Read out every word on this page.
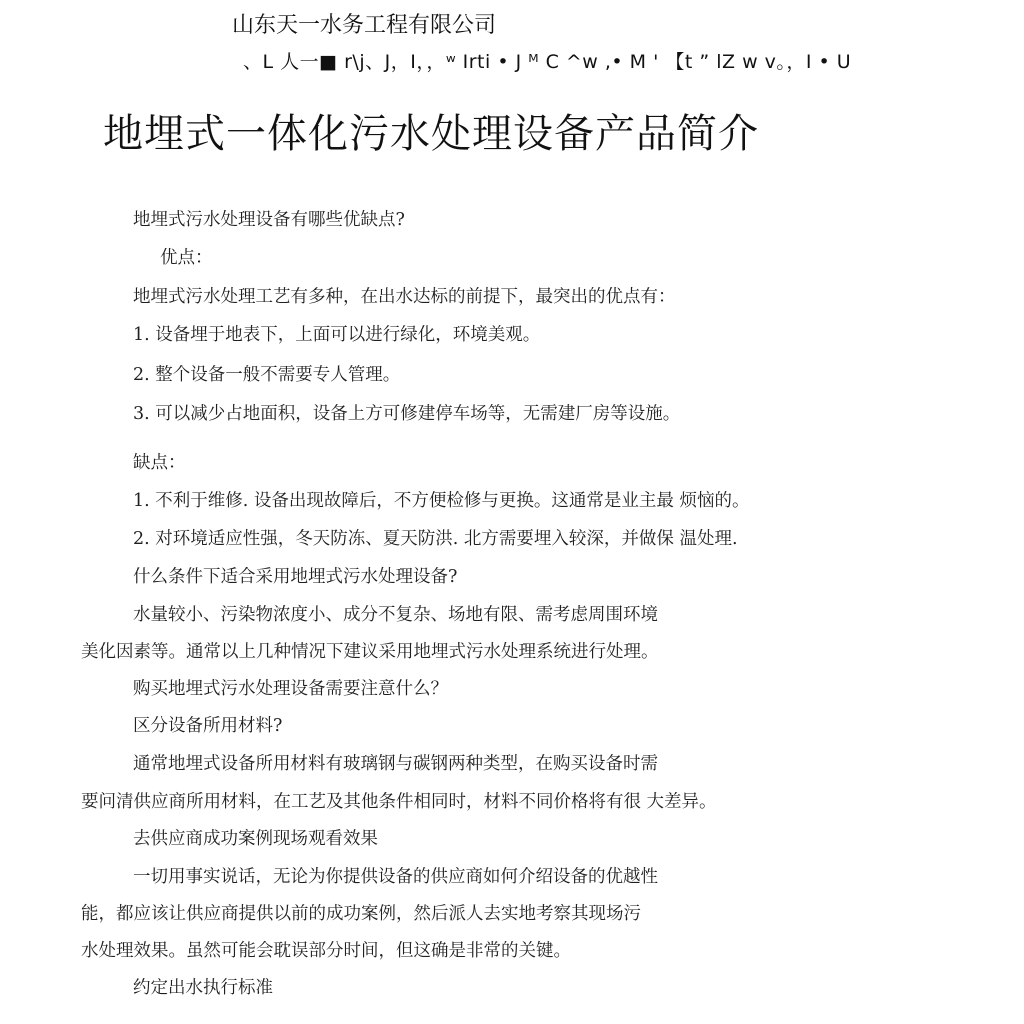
山东天一水务工程有限公司
、L 人一■ r\j、J，I，，ʷ Irti • J ᴹ C ^w ,• M ' 【t ” lZ w v。，I • U
地埋式一体化污水处理设备产品简介
地埋式污水处理设备有哪些优缺点?
优点：
地埋式污水处理工艺有多种，在出水达标的前提下，最突出的优点有：
1. 设备埋于地表下，上面可以进行绿化，环境美观。
2. 整个设备一般不需要专人管理。
3. 可以减少占地面积，设备上方可修建停车场等，无需建厂房等设施。
缺点：
1. 不利于维修. 设备出现故障后，不方便检修与更换。这通常是业主最 烦恼的。
2. 对环境适应性强，冬天防冻、夏天防洪. 北方需要埋入较深，并做保 温处理.
什么条件下适合采用地埋式污水处理设备?
水量较小、污染物浓度小、成分不复杂、场地有限、需考虑周围环境
美化因素等。通常以上几种情况下建议采用地埋式污水处理系统进行处理。
购买地埋式污水处理设备需要注意什么？
区分设备所用材料?
通常地埋式设备所用材料有玻璃钢与碳钢两种类型，在购买设备时需
要问清供应商所用材料，在工艺及其他条件相同时，材料不同价格将有很 大差异。
去供应商成功案例现场观看效果
一切用事实说话，无论为你提供设备的供应商如何介绍设备的优越性
能，都应该让供应商提供以前的成功案例，然后派人去实地考察其现场污
水处理效果。虽然可能会耽误部分时间，但这确是非常的关键。
约定出水执行标准
